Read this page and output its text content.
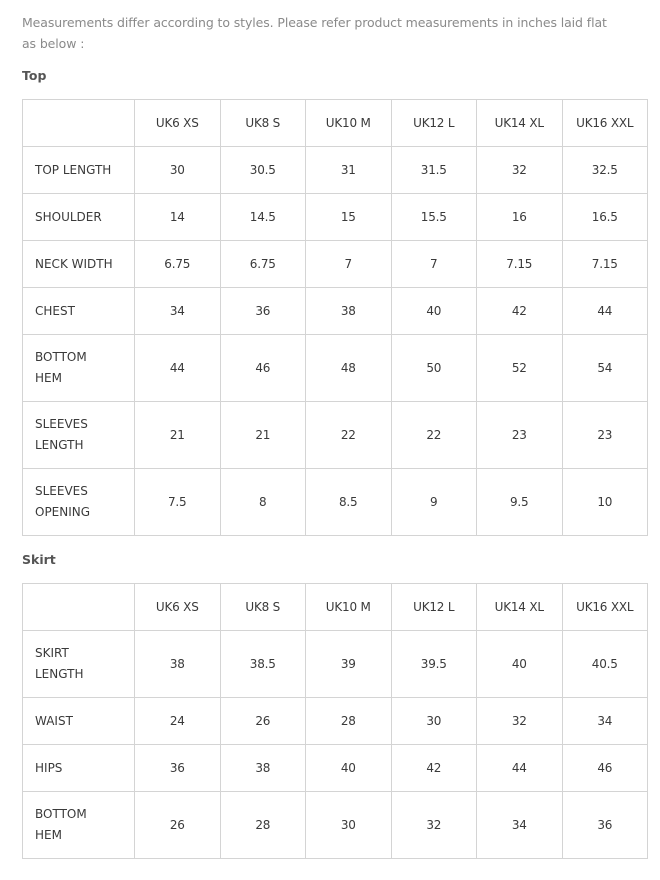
Measurements differ according to styles. Please refer product measurements in inches laid flat as below :
Top
	UK6 XS	UK8 S	UK10 M	UK12 L	UK14 XL	UK16 XXL
TOP LENGTH	30	30.5	31	31.5	32	32.5
SHOULDER	14	14.5	15	15.5	16	16.5
NECK WIDTH	6.75	6.75	7	7	7.15	7.15
CHEST	34	36	38	40	42	44
BOTTOM HEM	44	46	48	50	52	54
SLEEVES LENGTH	21	21	22	22	23	23
SLEEVES OPENING	7.5	8	8.5	9	9.5	10
Skirt
	UK6 XS	UK8 S	UK10 M	UK12 L	UK14 XL	UK16 XXL
SKIRT LENGTH	38	38.5	39	39.5	40	40.5
WAIST	24	26	28	30	32	34
HIPS	36	38	40	42	44	46
BOTTOM HEM	26	28	30	32	34	36
